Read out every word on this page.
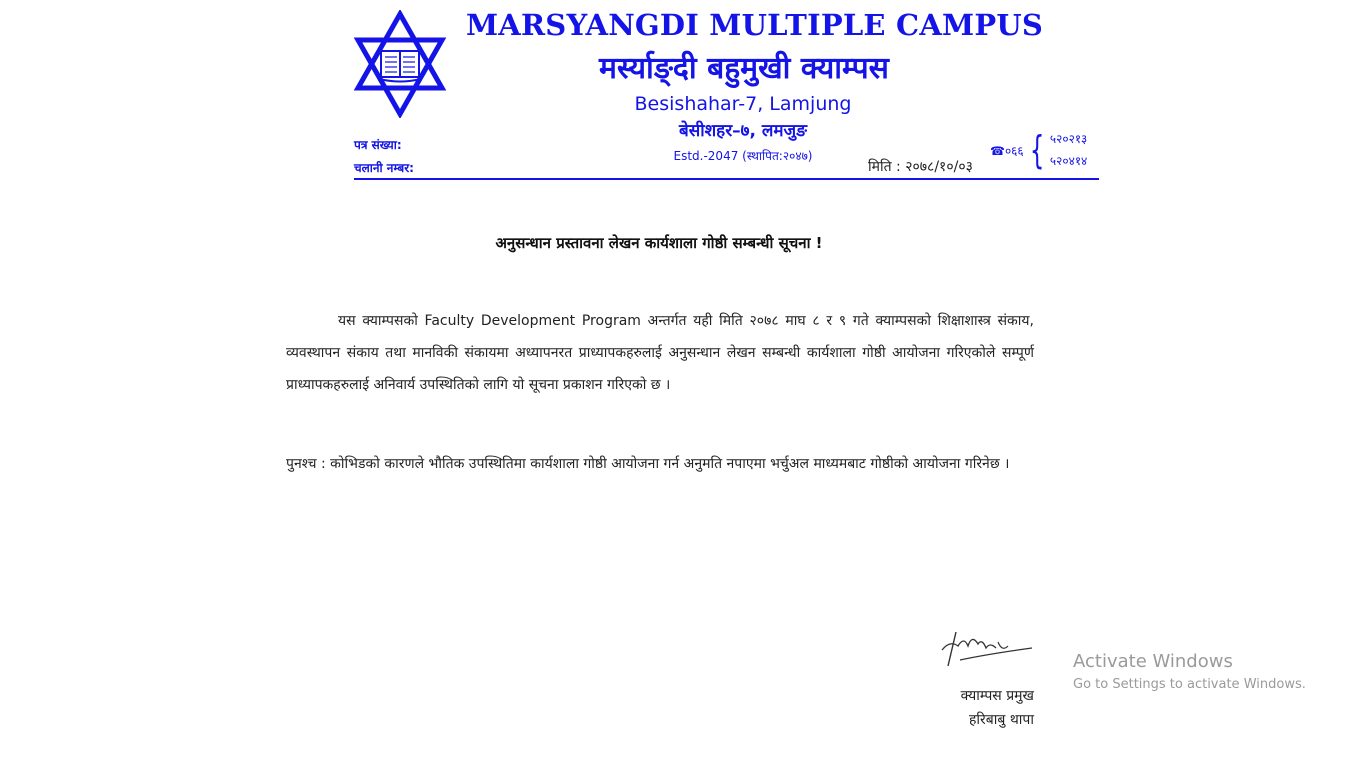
MARSYANGDI MULTIPLE CAMPUS
मर्स्याङ्दी बहुमुखी क्याम्पस
Besishahar-7, Lamjung
बेसीशहर–७, लमजुङ
Estd.-2047 (स्थापित:२०४७)
पत्र संख्या:
चलानी नम्बर:
☎०६६ { ५२०२१३
५२०४१४
मिति : २०७८/१०/०३
अनुसन्धान प्रस्तावना लेखन कार्यशाला गोष्ठी सम्बन्धी सूचना !
यस क्याम्पसको Faculty Development Program अन्तर्गत यही मिति २०७८ माघ ८ र ९ गते क्याम्पसको शिक्षाशास्त्र संकाय, व्यवस्थापन संकाय तथा मानविकी संकायमा अध्यापनरत प्राध्यापकहरुलाई अनुसन्धान लेखन सम्बन्धी कार्यशाला गोष्ठी आयोजना गरिएकोले सम्पूर्ण प्राध्यापकहरुलाई अनिवार्य उपस्थितिको लागि यो सूचना प्रकाशन गरिएको छ ।
पुनश्च : कोभिडको कारणले भौतिक उपस्थितिमा कार्यशाला गोष्ठी आयोजना गर्न अनुमति नपाएमा भर्चुअल माध्यमबाट गोष्ठीको आयोजना गरिनेछ ।
क्याम्पस प्रमुख
हरिबाबु थापा
Activate Windows
Go to Settings to activate Windows.
